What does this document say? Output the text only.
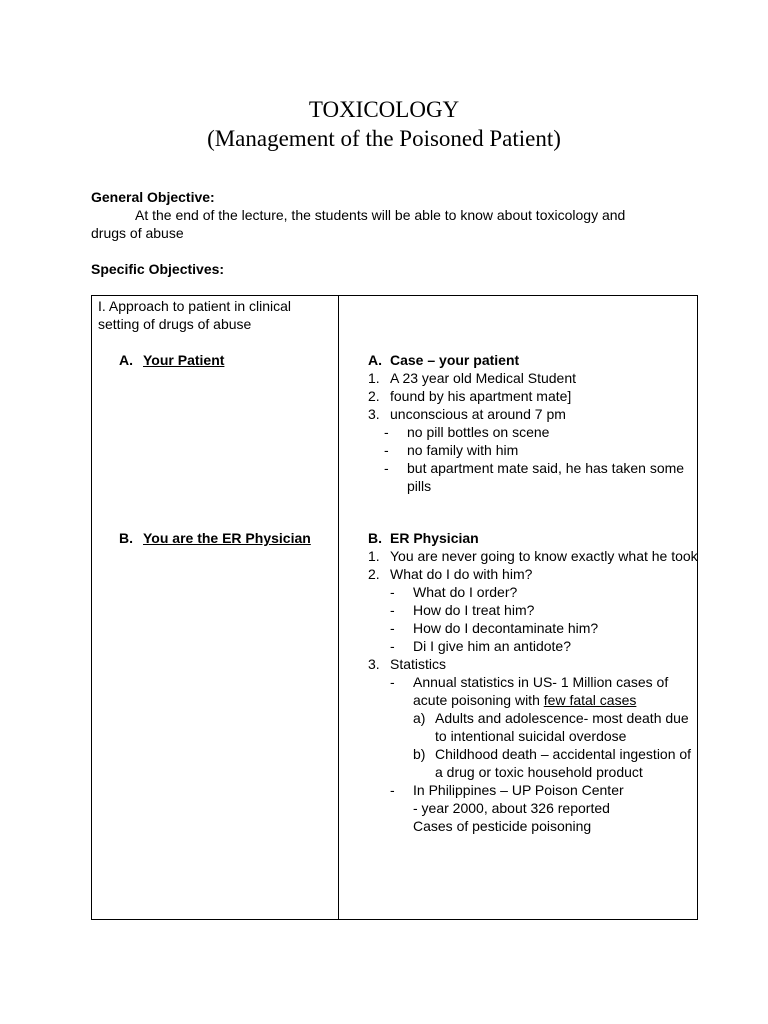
TOXICOLOGY
(Management of the Poisoned Patient)
General Objective:
At the end of the lecture, the students will be able to know about toxicology and
drugs of abuse
Specific Objectives:
I. Approach to patient in clinical
setting of drugs of abuse
A. Your Patient
B. You are the ER Physician
A. Case – your patient
1. A 23 year old Medical Student
2. found by his apartment mate]
3. unconscious at around 7 pm
-	no pill bottles on scene
-	no family with him
-	but apartment mate said, he has taken some pills
B. ER Physician
1. You are never going to know exactly what he took
2. What do I do with him?
-	What do I order?
-	How do I treat him?
-	How do I decontaminate him?
-	Di I give him an antidote?
3. Statistics
-	Annual statistics in US- 1 Million cases of acute poisoning with few fatal cases
a) Adults and adolescence- most death due to intentional suicidal overdose
b) Childhood death – accidental ingestion of a drug or toxic household product
-	In Philippines – UP Poison Center
- year 2000, about 326 reported
Cases of pesticide poisoning
